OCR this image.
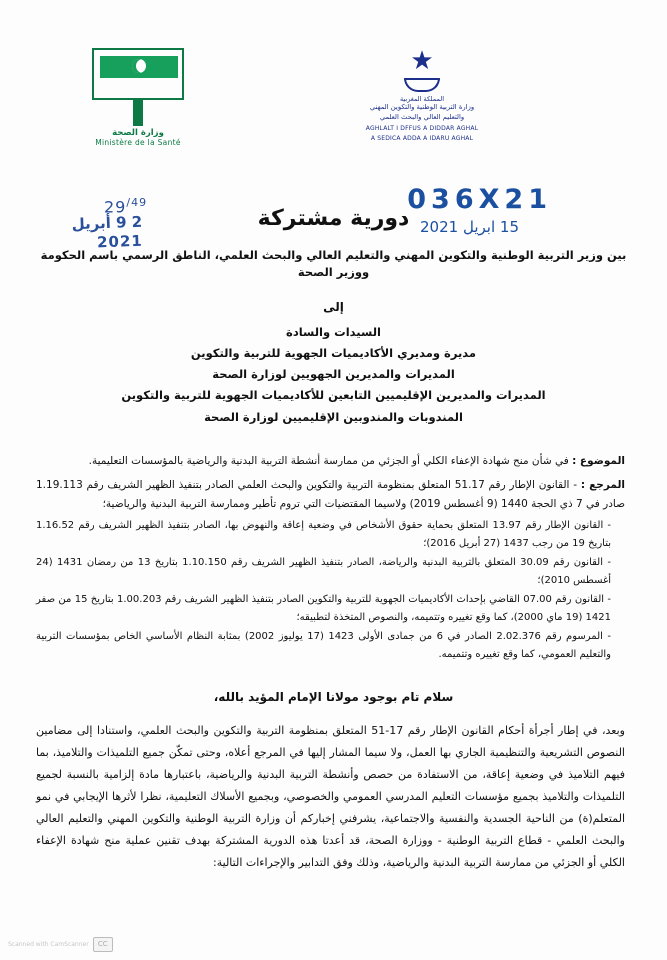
وزارة الصحة
Ministère de la Santé
★
المملكة المغربية
وزارة التربية الوطنية والتكوين المهني
والتعليم العالي والبحث العلمي
AGHLALT I DFFUS A DIDDAR AGHAL
A SEDICA ADDA A IDARU AGHAL
036X21
15 ابريل 2021
$29^{/49}$
2 9 أبريل
2021
دورية مشتركة
بين وزير التربية الوطنية والتكوين المهني والتعليم العالي والبحث العلمي، الناطق الرسمي باسم الحكومة ووزير الصحة
إلى
السيدات والسادة
مديرة ومديري الأكاديميات الجهوية للتربية والتكوين
المديرات والمديرين الجهويين لوزارة الصحة
المديرات والمديرين الإقليميين التابعين للأكاديميات الجهوية للتربية والتكوين
المندوبات والمندوبين الإقليميين لوزارة الصحة
الموضوع : في شأن منح شهادة الإعفاء الكلي أو الجزئي من ممارسة أنشطة التربية البدنية والرياضية بالمؤسسات التعليمية.
المرجع : - القانون الإطار رقم 51.17 المتعلق بمنظومة التربية والتكوين والبحث العلمي الصادر بتنفيذ الظهير الشريف رقم 1.19.113 صادر في 7 ذي الحجة 1440 (9 أغسطس 2019) ولاسيما المقتضيات التي تروم تأطير وممارسة التربية البدنية والرياضية؛
- القانون الإطار رقم 13.97 المتعلق بحماية حقوق الأشخاص في وضعية إعاقة والنهوض بها، الصادر بتنفيذ الظهير الشريف رقم 1.16.52 بتاريخ 19 من رجب 1437 (27 أبريل 2016)؛
- القانون رقم 30.09 المتعلق بالتربية البدنية والرياضة، الصادر بتنفيذ الظهير الشريف رقم 1.10.150 بتاريخ 13 من رمضان 1431 (24 أغسطس 2010)؛
- القانون رقم 07.00 القاضي بإحداث الأكاديميات الجهوية للتربية والتكوين الصادر بتنفيذ الظهير الشريف رقم 1.00.203 بتاريخ 15 من صفر 1421 (19 ماي 2000)، كما وقع تغييره وتتميمه، والنصوص المتخذة لتطبيقه؛
- المرسوم رقم 2.02.376 الصادر في 6 من جمادى الأولى 1423 (17 يوليوز 2002) بمثابة النظام الأساسي الخاص بمؤسسات التربية والتعليم العمومي، كما وقع تغييره وتتميمه.
سلام تام بوجود مولانا الإمام المؤيد بالله،
وبعد، في إطار أجرأة أحكام القانون الإطار رقم 17-51 المتعلق بمنظومة التربية والتكوين والبحث العلمي، واستنادا إلى مضامين النصوص التشريعية والتنظيمية الجاري بها العمل، ولا سيما المشار إليها في المرجع أعلاه، وحتى تمكّن جميع التلميذات والتلاميذ، بما فيهم التلاميذ في وضعية إعاقة، من الاستفادة من حصص وأنشطة التربية البدنية والرياضية، باعتبارها مادة إلزامية بالنسبة لجميع التلميذات والتلاميذ بجميع مؤسسات التعليم المدرسي العمومي والخصوصي، وبجميع الأسلاك التعليمية، نظرا لأثرها الإيجابي في نمو المتعلم(ة) من الناحية الجسدية والنفسية والاجتماعية، يشرفني إخباركم أن وزارة التربية الوطنية والتكوين المهني والتعليم العالي والبحث العلمي - قطاع التربية الوطنية - ووزارة الصحة، قد أعدتا هذه الدورية المشتركة بهدف تقنين عملية منح شهادة الإعفاء الكلي أو الجزئي من ممارسة التربية البدنية والرياضية، وذلك وفق التدابير والإجراءات التالية:
CC
Scanned with CamScanner
